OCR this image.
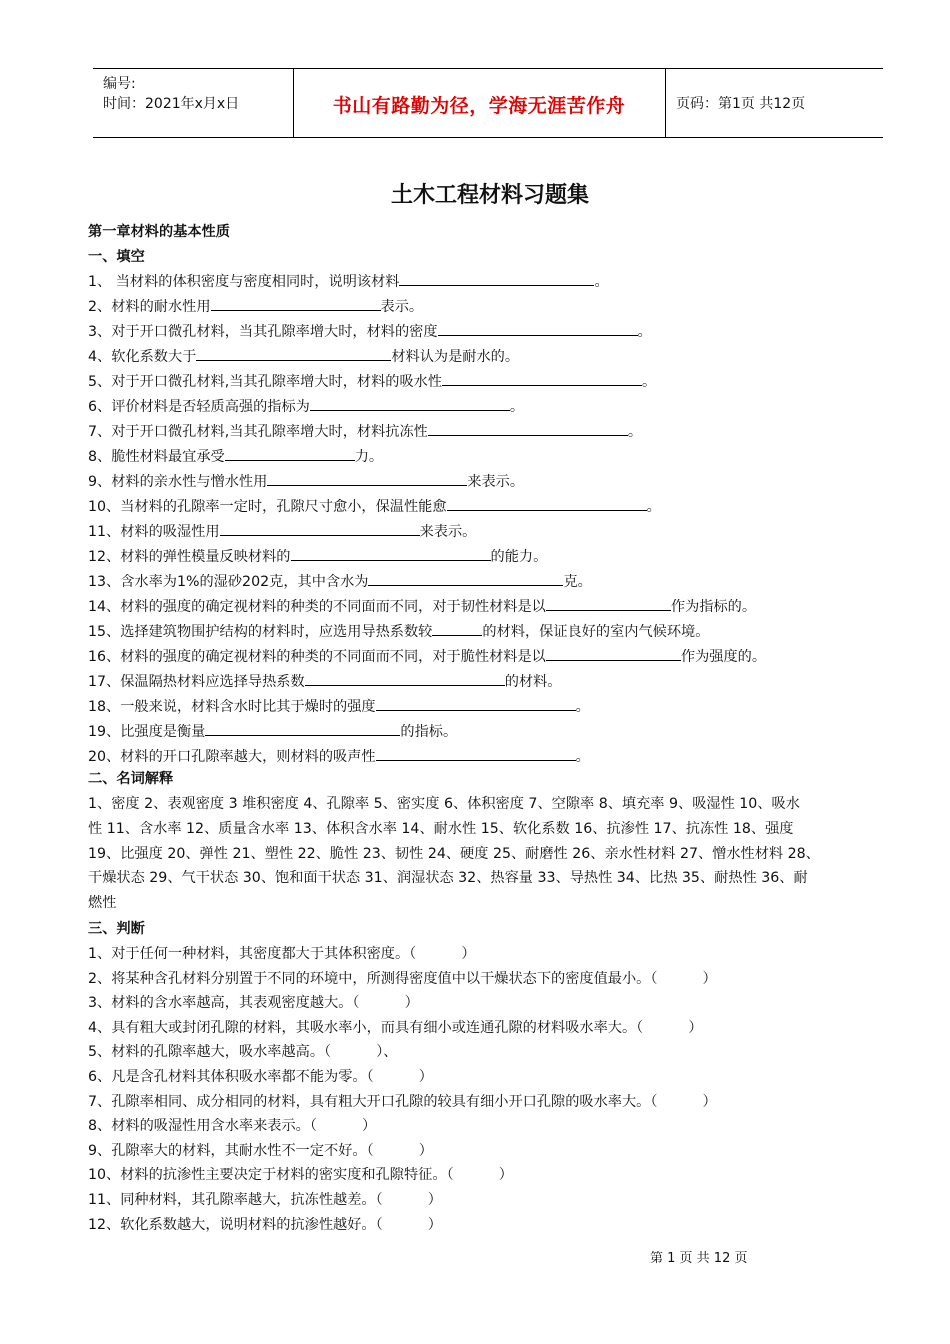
编号:
时间：2021年x月x日	书山有路勤为径，学海无涯苦作舟	页码：第1页 共12页
土木工程材料习题集
第一章材料的基本性质
一、填空
1、 当材料的体积密度与密度相同时，说明该材料	。
2、材料的耐水性用	表示。
3、对于开口微孔材料，当其孔隙率增大时，材料的密度	。
4、软化系数大于	材料认为是耐水的。
5、对于开口微孔材料,当其孔隙率增大时，材料的吸水性	。
6、评价材料是否轻质高强的指标为	。
7、对于开口微孔材料,当其孔隙率增大时，材料抗冻性	。
8、脆性材料最宜承受	力。
9、材料的亲水性与憎水性用	来表示。
10、当材料的孔隙率一定时，孔隙尺寸愈小，保温性能愈	。
11、材料的吸湿性用	来表示。
12、材料的弹性模量反映材料的	的能力。
13、含水率为1%的湿砂202克，其中含水为	克。
14、材料的强度的确定视材料的种类的不同面而不同，对于韧性材料是以	作为指标的。
15、选择建筑物围护结构的材料时，应选用导热系数较	的材料，保证良好的室内气候环境。
16、材料的强度的确定视材料的种类的不同面而不同，对于脆性材料是以	作为强度的。
17、保温隔热材料应选择导热系数	的材料。
18、一般来说，材料含水时比其于燥时的强度	。
19、比强度是衡量	的指标。
20、材料的开口孔隙率越大，则材料的吸声性	。
二、名词解释
1、密度 2、表观密度 3 堆积密度 4、孔隙率 5、密实度 6、体积密度 7、空隙率 8、填充率 9、吸湿性 10、吸水
性 11、含水率 12、质量含水率 13、体积含水率 14、耐水性 15、软化系数 16、抗渗性 17、抗冻性 18、强度
19、比强度 20、弹性 21、塑性 22、脆性 23、韧性 24、硬度 25、耐磨性 26、亲水性材料 27、憎水性材料 28、
干燥状态 29、气干状态 30、饱和面干状态 31、润湿状态 32、热容量 33、导热性 34、比热 35、耐热性 36、耐
燃性
三、判断
1、对于任何一种材料，其密度都大于其体积密度。（          ）
2、将某种含孔材料分别置于不同的环境中，所测得密度值中以干燥状态下的密度值最小。（          ）
3、材料的含水率越高，其表观密度越大。（          ）
4、具有粗大或封闭孔隙的材料，其吸水率小，而具有细小或连通孔隙的材料吸水率大。（          ）
5、材料的孔隙率越大，吸水率越高。（          ）、
6、凡是含孔材料其体积吸水率都不能为零。（          ）
7、孔隙率相同、成分相同的材料，具有粗大开口孔隙的较具有细小开口孔隙的吸水率大。（          ）
8、材料的吸湿性用含水率来表示。（          ）
9、孔隙率大的材料，其耐水性不一定不好。（          ）
10、材料的抗渗性主要决定于材料的密实度和孔隙特征。（          ）
11、同种材料，其孔隙率越大，抗冻性越差。（          ）
12、软化系数越大，说明材料的抗渗性越好。（          ）
第 1 页 共 12 页
